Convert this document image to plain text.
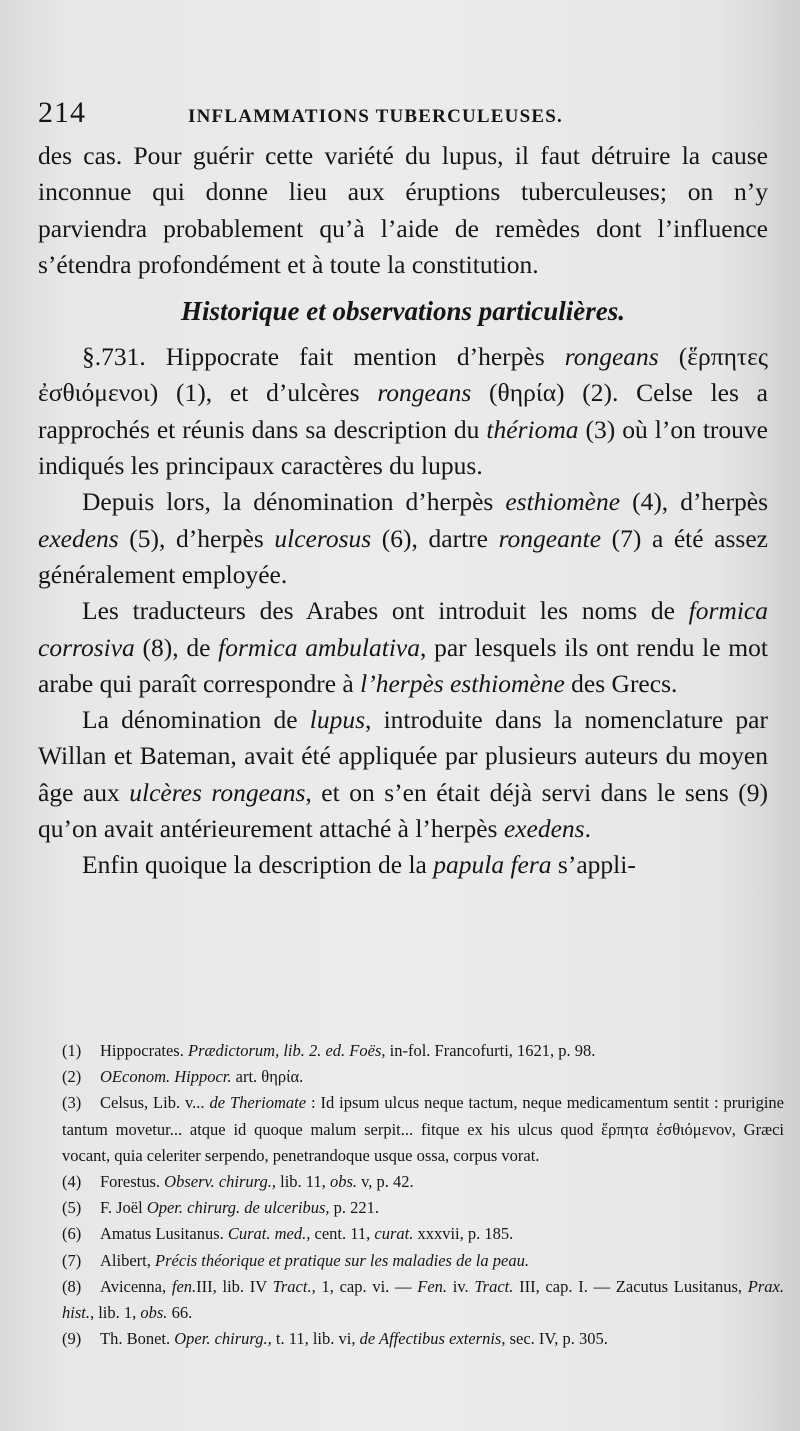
214	INFLAMMATIONS TUBERCULEUSES.

des cas. Pour guérir cette variété du lupus, il faut détruire la cause inconnue qui donne lieu aux éruptions tuberculeuses; on n’y parviendra probablement qu’à l’aide de remèdes dont l’influence s’étendra profondément et à toute la constitution.

Historique et observations particulières.

§.731. Hippocrate fait mention d’herpès rongeans (ἕρπητες ἐσθιόμενοι) (1), et d’ulcères rongeans (θηρία) (2). Celse les a rapprochés et réunis dans sa description du thérioma (3) où l’on trouve indiqués les principaux caractères du lupus.

Depuis lors, la dénomination d’herpès esthiomène (4), d’herpès exedens (5), d’herpès ulcerosus (6), dartre rongeante (7) a été assez généralement employée.

Les traducteurs des Arabes ont introduit les noms de formica corrosiva (8), de formica ambulativa, par lesquels ils ont rendu le mot arabe qui paraît correspondre à l’herpès esthiomène des Grecs.

La dénomination de lupus, introduite dans la nomenclature par Willan et Bateman, avait été appliquée par plusieurs auteurs du moyen âge aux ulcères rongeans, et on s’en était déjà servi dans le sens (9) qu’on avait antérieurement attaché à l’herpès exedens.

Enfin quoique la description de la papula fera s’appli-

(1) Hippocrates. Prædictorum, lib. 2. ed. Foës, in-fol. Francofurti, 1621, p. 98.

(2) OEconom. Hippocr. art. θηρία.

(3) Celsus, Lib. v... de Theriomate : Id ipsum ulcus neque tactum, neque medicamentum sentit : prurigine tantum movetur... atque id quoque malum serpit... fitque ex his ulcus quod ἕρπητα ἐσθιόμενον, Græci vocant, quia celeriter serpendo, penetrandoque usque ossa, corpus vorat.

(4) Forestus. Observ. chirurg., lib. 11, obs. v, p. 42.

(5) F. Joël Oper. chirurg. de ulceribus, p. 221.

(6) Amatus Lusitanus. Curat. med., cent. 11, curat. xxxvii, p. 185.

(7) Alibert, Précis théorique et pratique sur les maladies de la peau.

(8) Avicenna, fen.III, lib. IV Tract., 1, cap. vi. — Fen. iv. Tract. III, cap. I. — Zacutus Lusitanus, Prax. hist., lib. 1, obs. 66.

(9) Th. Bonet. Oper. chirurg., t. 11, lib. vi, de Affectibus externis, sec. IV, p. 305.
